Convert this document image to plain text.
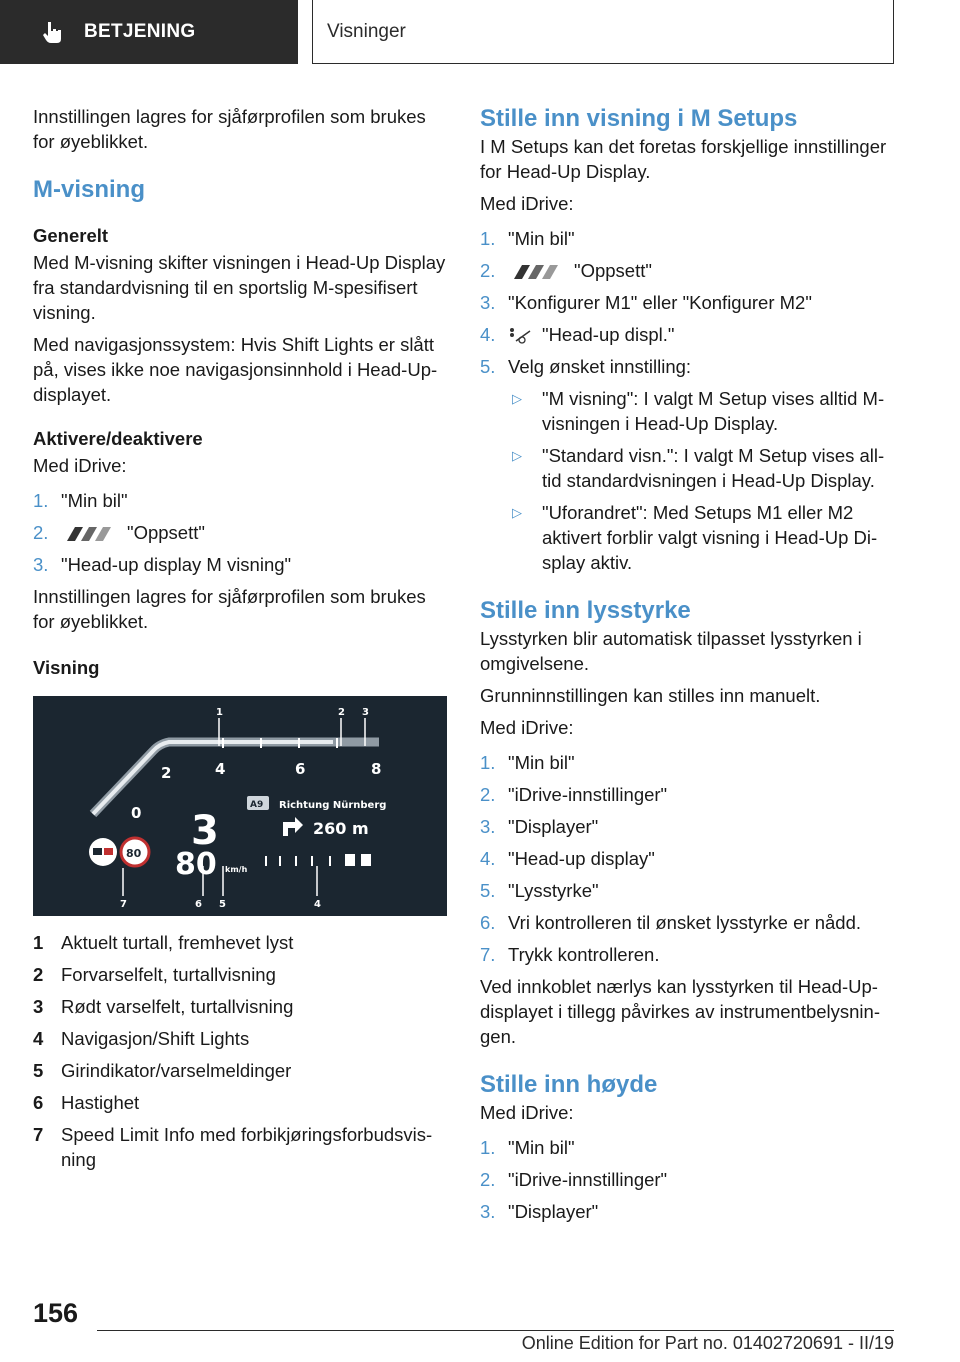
BETJENING	Visninger

Innstillingen lagres for sjåførprofilen som brukes for øyeblikket.

M-visning
Generelt

Med M-visning skifter visningen i Head-Up Display fra standardvisning til en sportslig M-spesifisert visning.

Med navigasjonssystem: Hvis Shift Lights er slått på, vises ikke noe navigasjonsinnhold i Head-Up-displayet.

Aktivere/deaktivere

Med iDrive:

1. "Min bil"
2.	"Oppsett"
3. "Head-up display M visning"

Innstillingen lagres for sjåførprofilen som brukes for øyeblikket.

Visning
1	2 3
0
2	4	6	8
A9 Richtung Nürnberg
260 m
3
80 km/h
80
7	6 5	4
1 Aktuelt turtall, fremhevet lyst
2 Forvarselfelt, turtallvisning
3 Rødt varselfelt, turtallvisning
4 Navigasjon/Shift Lights
5 Girindikator/varselmeldinger
6 Hastighet
7 Speed Limit Info med forbikjøringsforbudsvisning
Stille inn visning i M Setups

I M Setups kan det foretas forskjellige innstillinger for Head-Up Display.

Med iDrive:

1. "Min bil"
2.	"Oppsett"
3. "Konfigurer M1" eller "Konfigurer M2"
4.	"Head-up displ."
5. Velg ønsket innstilling:
▷	"M visning": I valgt M Setup vises alltid M-visningen i Head-Up Display.
▷	"Standard visn.": I valgt M Setup vises alltid standardvisningen i Head-Up Display.
▷	"Uforandret": Med Setups M1 eller M2 aktivert forblir valgt visning i Head-Up Display aktiv.
Stille inn lysstyrke

Lysstyrken blir automatisk tilpasset lysstyrken i omgivelsene.

Grunninnstillingen kan stilles inn manuelt.

Med iDrive:

1. "Min bil"
2. "iDrive-innstillinger"
3. "Displayer"
4. "Head-up display"
5. "Lysstyrke"
6. Vri kontrolleren til ønsket lysstyrke er nådd.
7. Trykk kontrolleren.

Ved innkoblet nærlys kan lysstyrken til Head-Up-displayet i tillegg påvirkes av instrumentbelysningen.

Stille inn høyde

Med iDrive:

1. "Min bil"
2. "iDrive-innstillinger"
3. "Displayer"
156
Online Edition for Part no. 01402720691 - II/19
